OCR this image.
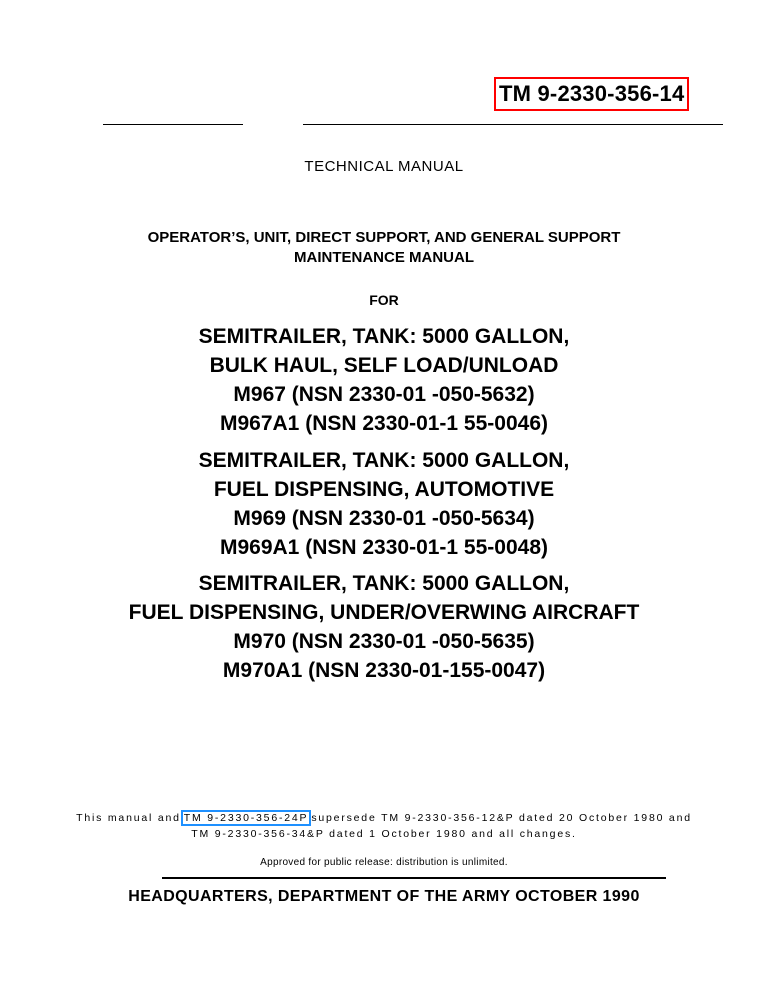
TM 9-2330-356-14
TECHNICAL MANUAL
OPERATOR’S, UNIT, DIRECT SUPPORT, AND GENERAL SUPPORT
MAINTENANCE MANUAL
FOR
SEMITRAILER, TANK: 5000 GALLON,
BULK HAUL, SELF LOAD/UNLOAD
M967 (NSN 2330-01 -050-5632)
M967A1 (NSN 2330-01-1 55-0046)
SEMITRAILER, TANK: 5000 GALLON,
FUEL DISPENSING, AUTOMOTIVE
M969 (NSN 2330-01 -050-5634)
M969A1 (NSN 2330-01-1 55-0048)
SEMITRAILER, TANK: 5000 GALLON,
FUEL DISPENSING, UNDER/OVERWING AIRCRAFT
M970 (NSN 2330-01 -050-5635)
M970A1 (NSN 2330-01-155-0047)
This manual and TM 9-2330-356-24P supersede TM 9-2330-356-12&P dated 20 October 1980 and
TM 9-2330-356-34&P dated 1 October 1980 and all changes.
Approved for public release: distribution is unlimited.
HEADQUARTERS, DEPARTMENT OF THE ARMY OCTOBER 1990
